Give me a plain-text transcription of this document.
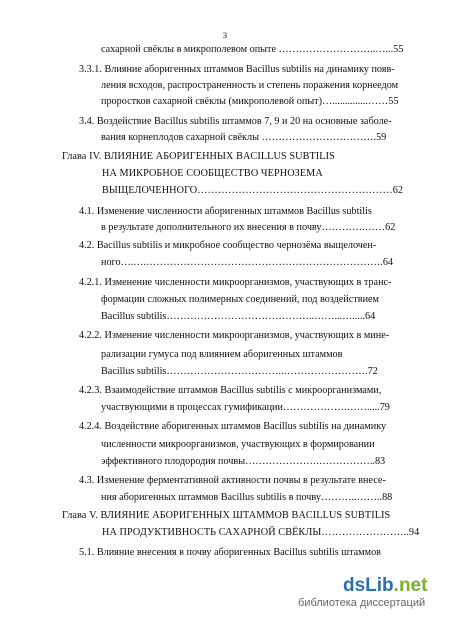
3
сахарной свёклы в микрополевом опыте ………………………..…...55
3.3.1. Влияние аборигенных штаммов Bacillus subtilis на динамику появ-
ления всходов, распространенность и степень поражения корнеедом
проростков сахарной свёклы (микрополевой опыт)…..............……55
3.4. Воздействие Bacillus subtilis штаммов 7, 9 и 20 на основные заболе-
вания корнеплодов сахарной свёклы …………………………….59
Глава IV. ВЛИЯНИЕ АБОРИГЕННЫХ BACILLUS SUBTILIS
НА МИКРОБНОЕ СООБЩЕСТВО ЧЕРНОЗЕМА
ВЫЩЕЛОЧЕННОГО…………………………………………………62
4.1. Изменение численности аборигенных штаммов Bacillus subtilis
в результате дополнительного их внесения в почву………….……62
4.2. Bacillus subtilis и микробное сообщество чернозёма выщелочен-
ного….….…………………………………………………………….64
4.2.1. Изменение численности микроорганизмов, участвующих в транс-
формации сложных полимерных соединений, под воздействием
Bacillus subtilis……………………………………..……...….....64
4.2.2. Изменение численности микроорганизмов, участвующих в мине-
рализации гумуса под влиянием аборигенных штаммов
Bacillus subtilis……………………………..…………………….72
4.2.3. Взаимодействие штаммов Bacillus subtilis с микроорганизмами,
участвующими в процессах гумификации……………….…….....79
4.2.4. Воздействие аборигенных штаммов Bacillus subtilis на динамику
численности микроорганизмов, участвующих в формировании
эффективного плодородия почвы………………….……………..83
4.3. Изменение ферментативной активности почвы в результате внесе-
ния аборигенных штаммов Bacillus subtilis в почву………..……..88
Глава V. ВЛИЯНИЕ АБОРИГЕННЫХ ШТАММОВ BACILLUS SUBTILIS
НА ПРОДУКТИВНОСТЬ САХАРНОЙ СВЁКЛЫ……………………..94
5.1. Влияние внесения в почву аборигенных Bacillus subtilis штаммов
dsLib.net
библиотека диссертаций
